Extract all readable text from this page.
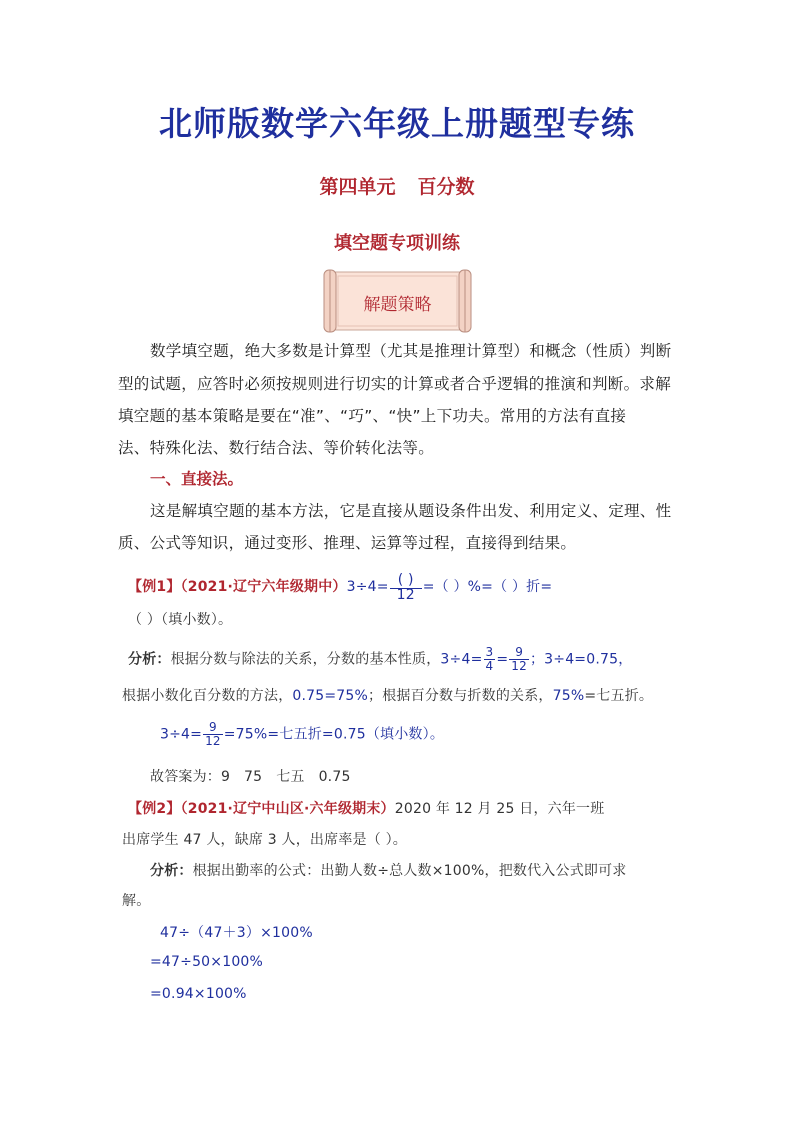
北师版数学六年级上册题型专练
第四单元 百分数
填空题专项训练
解题策略
数学填空题，绝大多数是计算型（尤其是推理计算型）和概念（性质）判断
型的试题，应答时必须按规则进行切实的计算或者合乎逻辑的推演和判断。求解
填空题的基本策略是要在“准”、“巧”、“快”上下功夫。常用的方法有直接
法、特殊化法、数行结合法、等价转化法等。
一、直接法。
这是解填空题的基本方法，它是直接从题设条件出发、利用定义、定理、性
质、公式等知识，通过变形、推理、运算等过程，直接得到结果。
【例1】（2021·辽宁六年级期中）$3\div 4= \frac{( )}{12}$ =（ ）%=（ ）折=
（ ）（填小数）。
分析：根据分数与除法的关系，分数的基本性质，$3\div 4= \frac{3}{4} = \frac{9}{12}$ ；3÷4=0.75，
根据小数化百分数的方法，0.75=75%；根据百分数与折数的关系，75%=七五折。
$3\div 4= \frac{9}{12} =75\%=$七五折=0.75（填小数）。
故答案为：9   75   七五   0.75
【例2】（2021·辽宁中山区·六年级期末）2020 年 12 月 25 日，六年一班
出席学生 47 人，缺席 3 人，出席率是（ ）。
分析：根据出勤率的公式：出勤人数÷总人数×100%，把数代入公式即可求
解。
47÷（47＋3）×100%
=47÷50×100%
=0.94×100%
